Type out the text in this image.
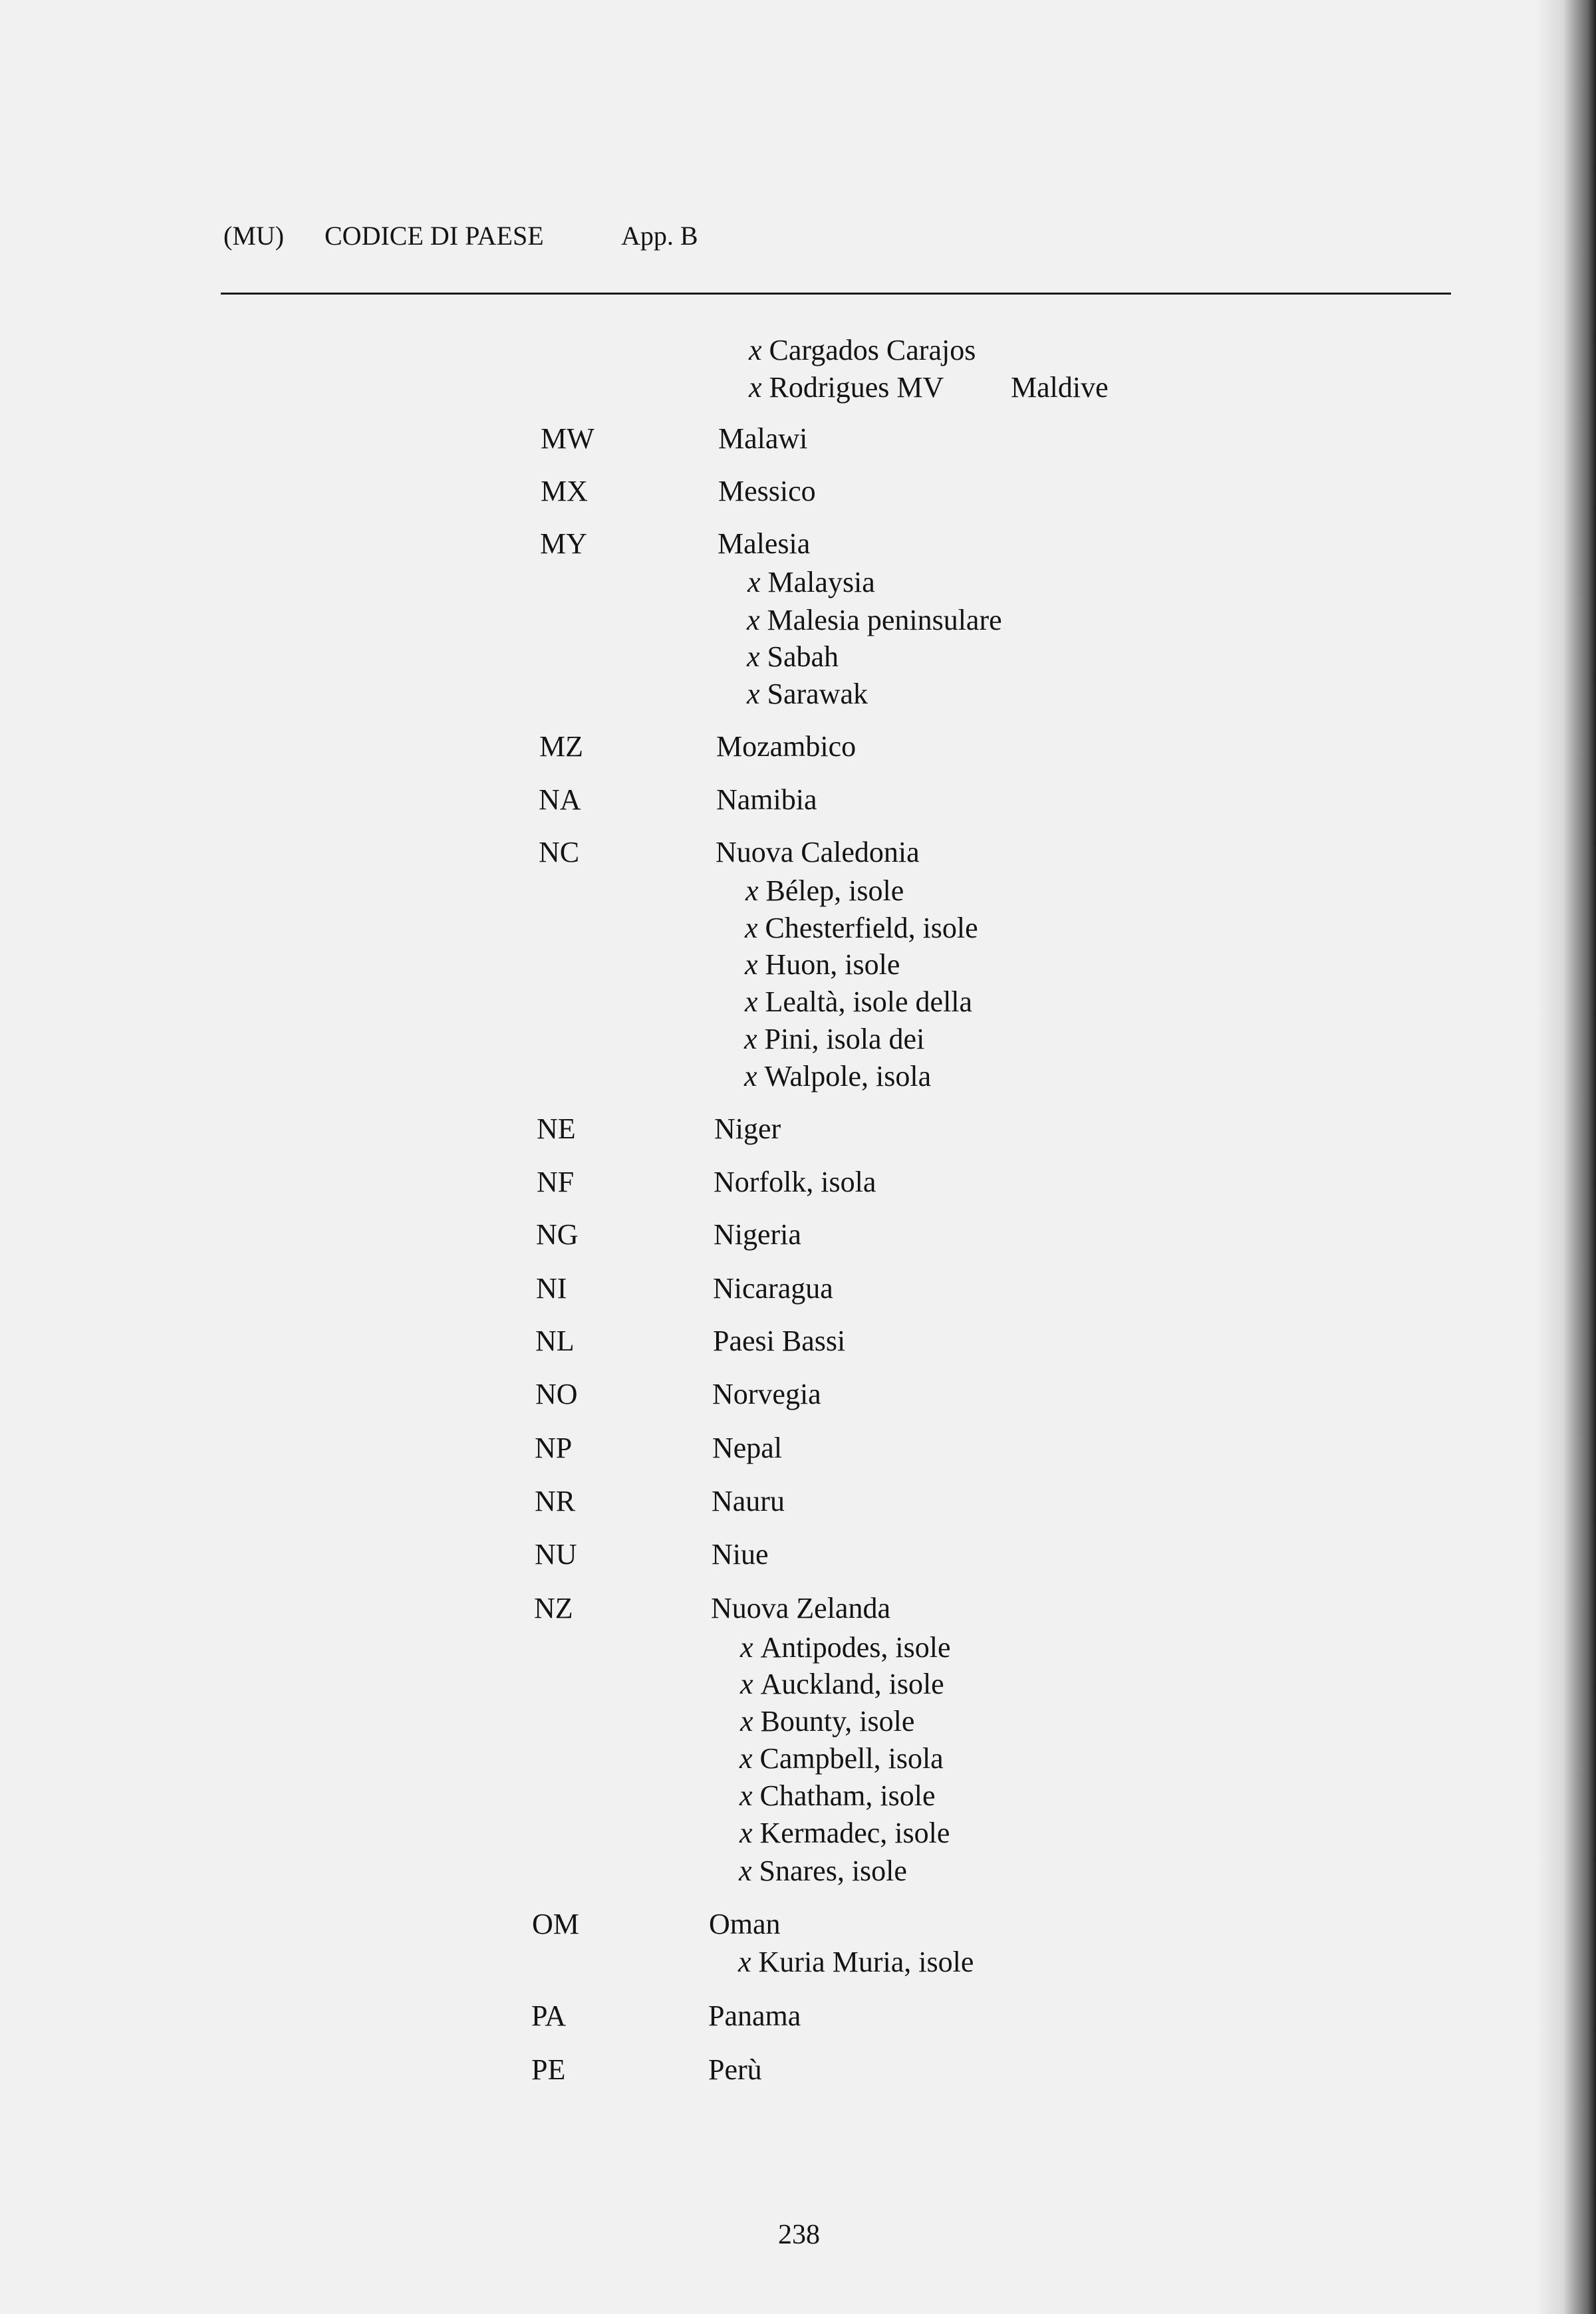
(MU) CODICE DI PAESE	App. B
x Cargados Carajos
x Rodrigues MV Maldive
MW	Malawi
MX	Messico
MY	Malesia
x Malaysia
x Malesia peninsulare
x Sabah
x Sarawak
MZ	Mozambico
NA	Namibia
NC	Nuova Caledonia
x Bélep, isole
x Chesterfield, isole
x Huon, isole
x Lealtà, isole della
x Pini, isola dei
x Walpole, isola
NE	Niger
NF	Norfolk, isola
NG	Nigeria
NI	Nicaragua
NL	Paesi Bassi
NO	Norvegia
NP	Nepal
NR	Nauru
NU	Niue
NZ	Nuova Zelanda
x Antipodes, isole
x Auckland, isole
x Bounty, isole
x Campbell, isola
x Chatham, isole
x Kermadec, isole
x Snares, isole
OM	Oman
x Kuria Muria, isole
PA	Panama
PE	Perù
238
